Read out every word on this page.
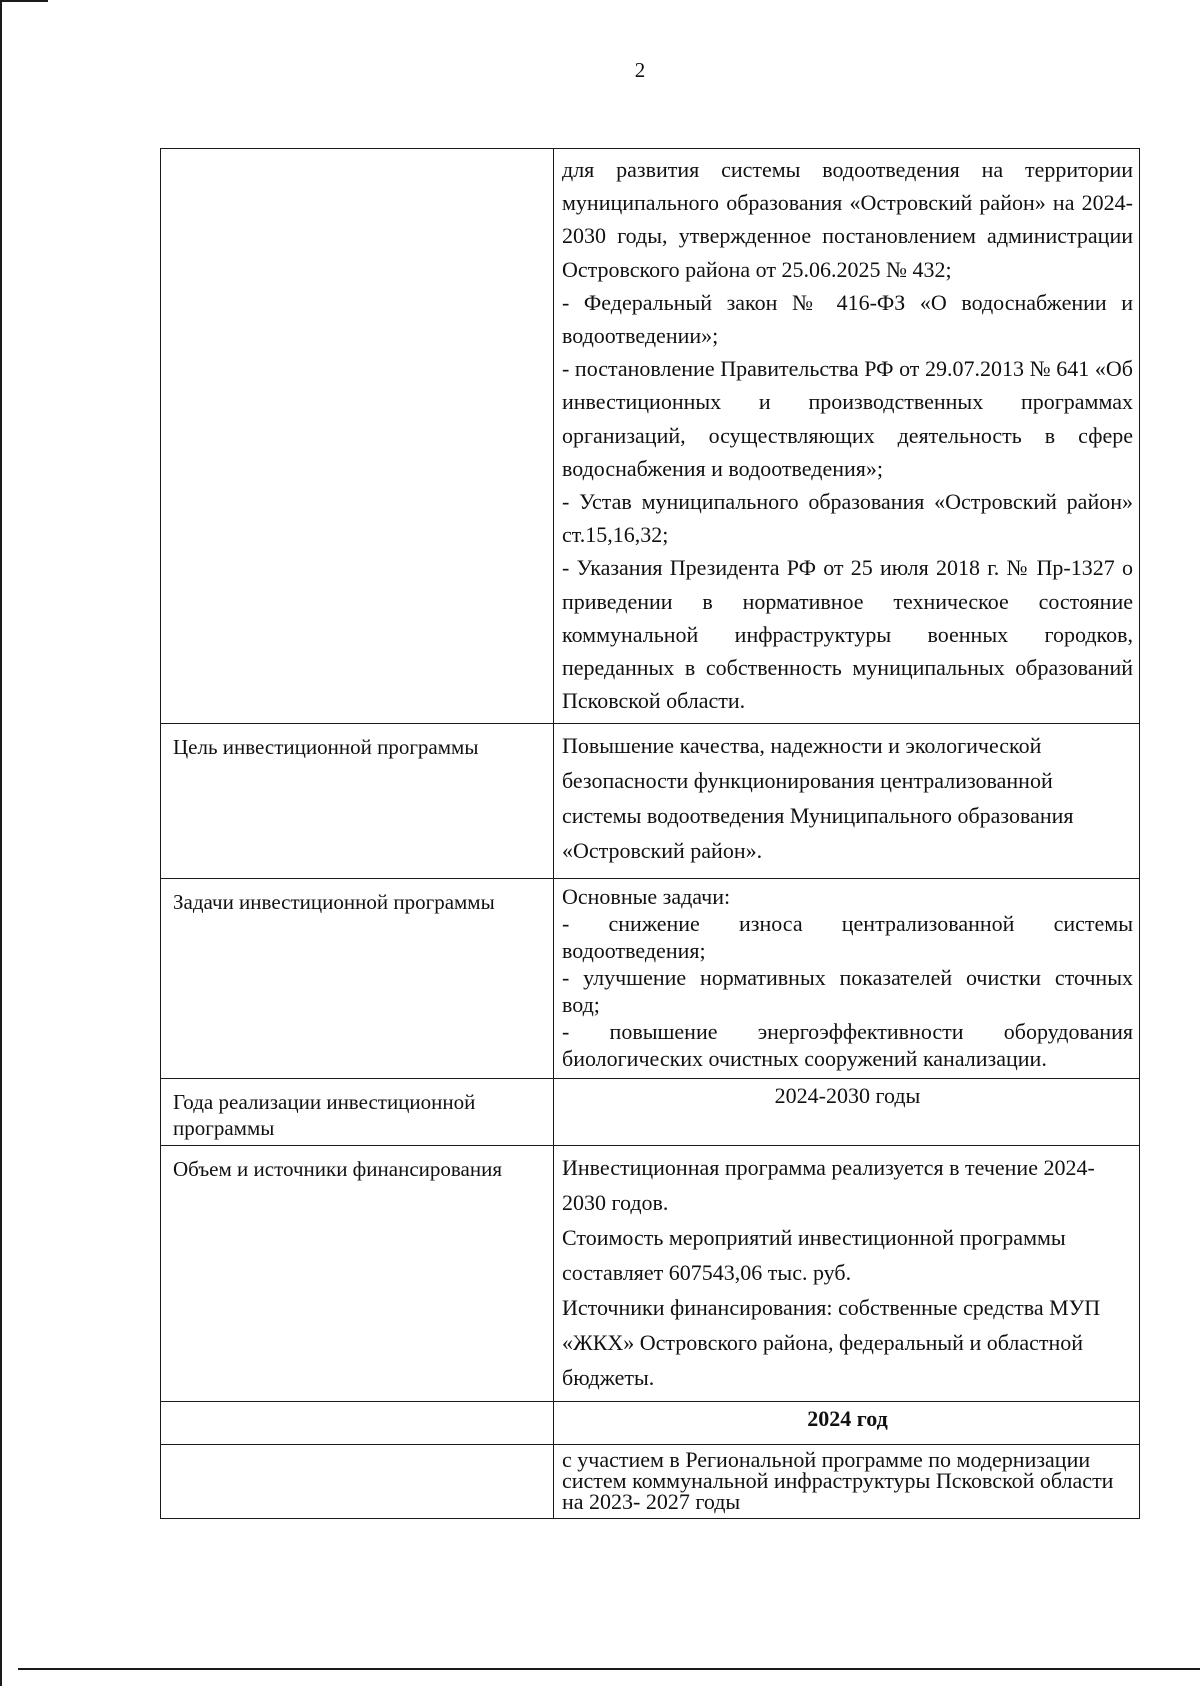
2

	для развития системы водоотведения на территории муниципального образования «Островский район» на 2024-2030 годы, утвержденное постановлением администрации Островского района от 25.06.2025 № 432;

- Федеральный закон № 416-ФЗ «О водоснабжении и водоотведении»;

- постановление Правительства РФ от 29.07.2013 № 641 «Об инвестиционных и производственных программах организаций, осуществляющих деятельность в сфере водоснабжения и водоотведения»;

- Устав муниципального образования «Островский район» ст.15,16,32;

- Указания Президента РФ от 25 июля 2018 г. № Пр-1327 о приведении в нормативное техническое состояние коммунальной инфраструктуры военных городков, переданных в собственность муниципальных образований Псковской области.

Цель инвестиционной программы	Повышение качества, надежности и экологической безопасности функционирования централизованной системы водоотведения Муниципального образования «Островский район».

Задачи инвестиционной программы	Основные задачи:

- снижение износа централизованной системы водоотведения;

- улучшение нормативных показателей очистки сточных вод;

- повышение энергоэффективности оборудования биологических очистных сооружений канализации.

Года реализации инвестиционной программы	2024-2030 годы
Объем и источники финансирования	Инвестиционная программа реализуется в течение 2024-2030 годов.

Стоимость мероприятий инвестиционной программы составляет 607543,06 тыс. руб.

Источники финансирования: собственные средства МУП «ЖКХ» Островского района, федеральный и областной бюджеты.

	2024 год
	с участием в Региональной программе по модернизации систем коммунальной инфраструктуры Псковской области на 2023- 2027 годы
